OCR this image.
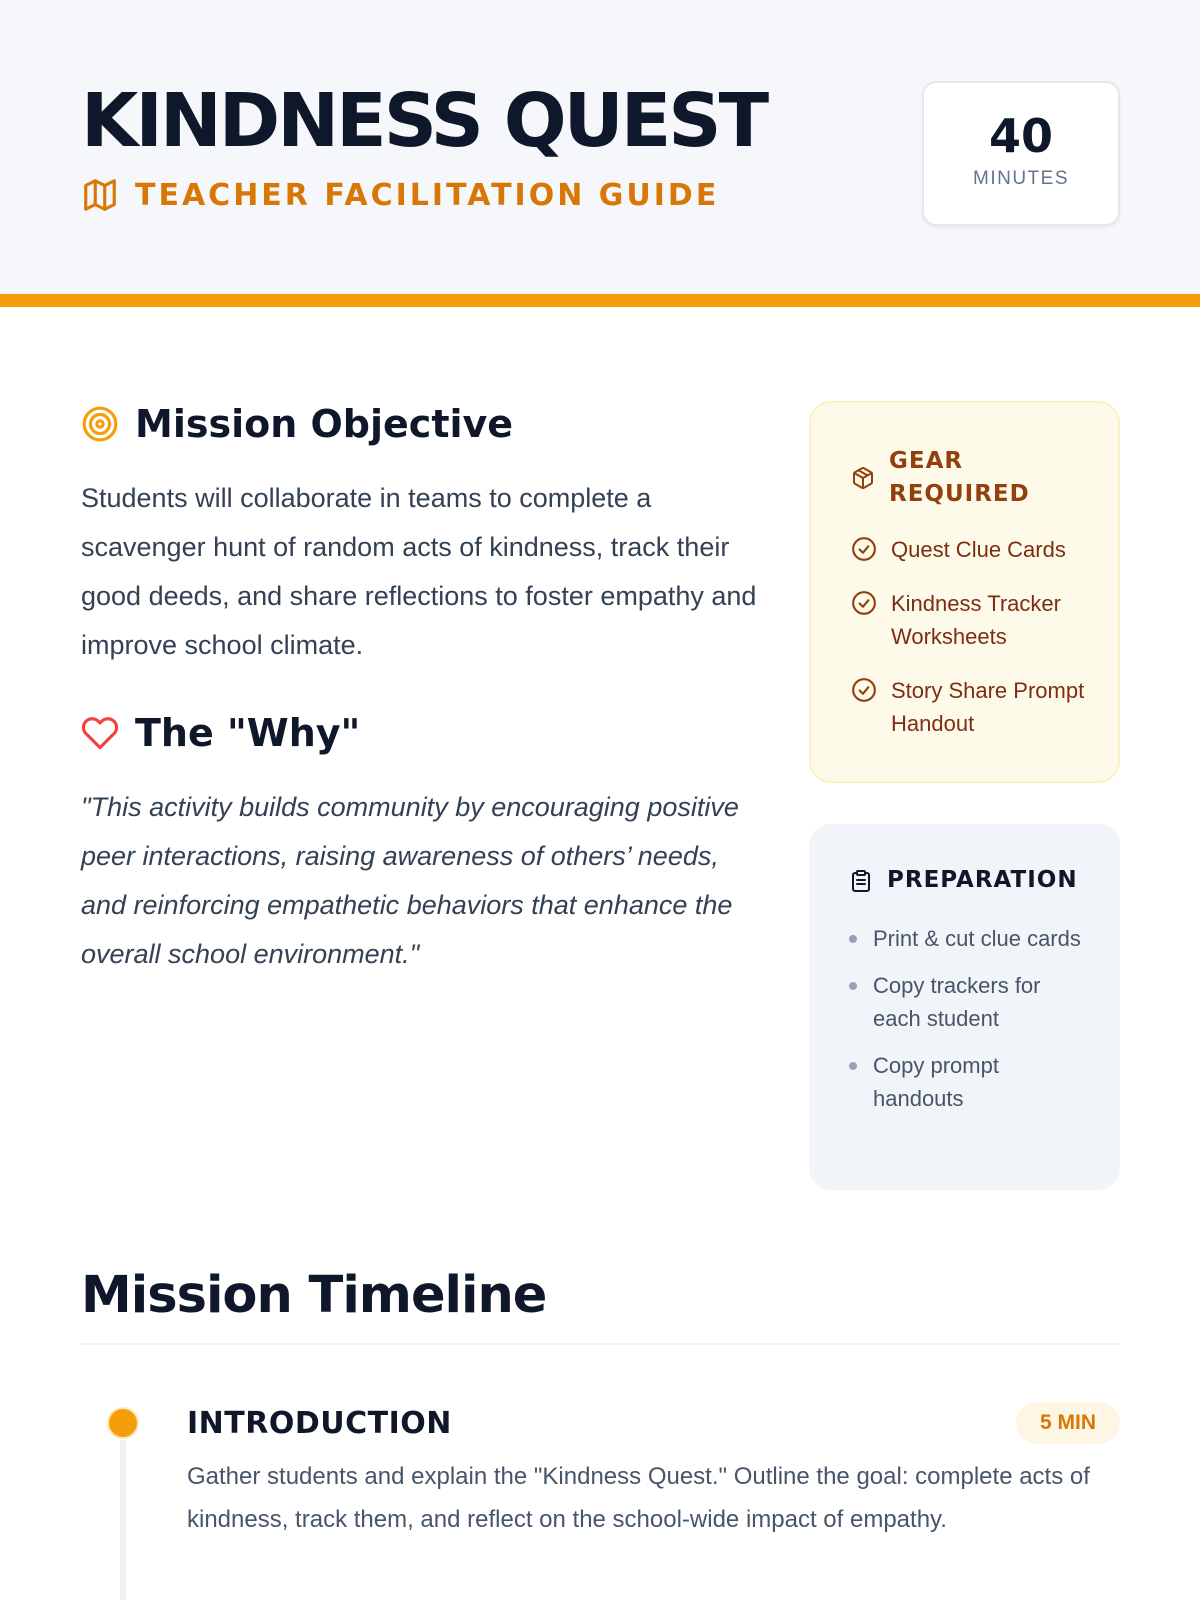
KINDNESS QUEST
TEACHER FACILITATION GUIDE
40
MINUTES
Mission Objective

Students will collaborate in teams to complete a scavenger hunt of random acts of kindness, track their good deeds, and share reflections to foster empathy and improve school climate.

The "Why"

"This activity builds community by encouraging positive peer interactions, raising awareness of others’ needs, and reinforcing empathetic behaviors that enhance the overall school environment."

GEAR REQUIRED
Quest Clue Cards
Kindness Tracker Worksheets
Story Share Prompt Handout
PREPARATION
Print & cut clue cards
Copy trackers for each student
Copy prompt handouts
Mission Timeline
INTRODUCTION	5 MIN

Gather students and explain the "Kindness Quest." Outline the goal: complete acts of kindness, track them, and reflect on the school-wide impact of empathy.
